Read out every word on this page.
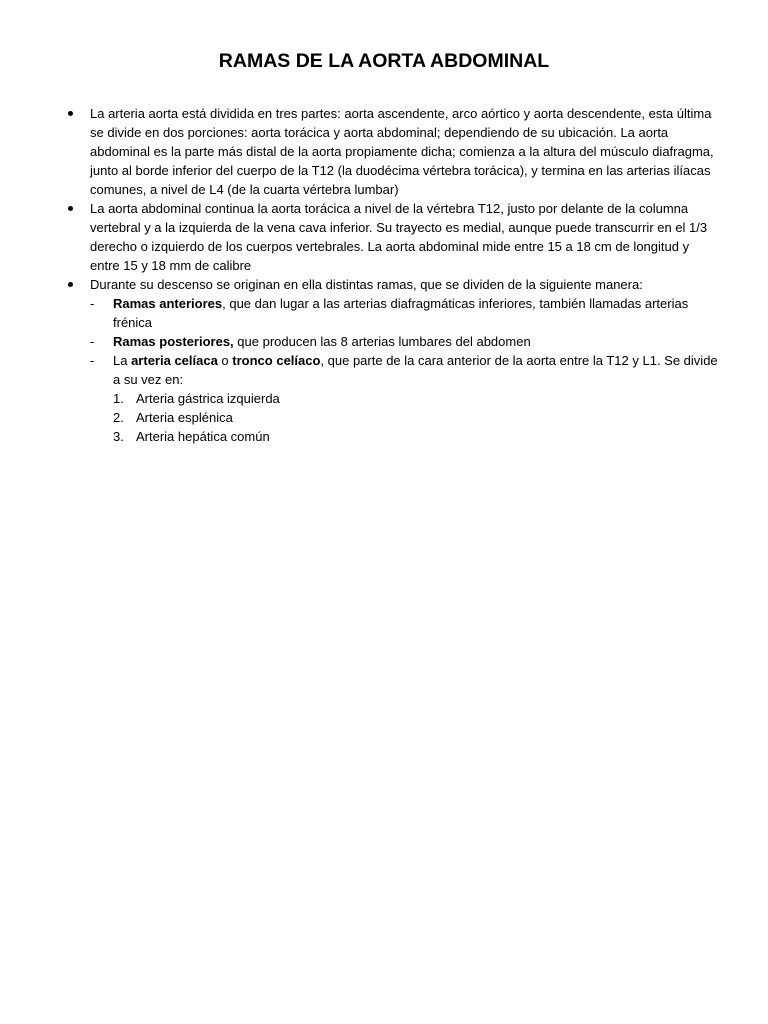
RAMAS DE LA AORTA ABDOMINAL
La arteria aorta está dividida en tres partes: aorta ascendente, arco aórtico y aorta descendente, esta última se divide en dos porciones: aorta torácica y aorta abdominal; dependiendo de su ubicación. La aorta abdominal es la parte más distal de la aorta propiamente dicha; comienza a la altura del músculo diafragma, junto al borde inferior del cuerpo de la T12 (la duodécima vértebra torácica), y termina en las arterias ilíacas comunes, a nivel de L4 (de la cuarta vértebra lumbar)
La aorta abdominal continua la aorta torácica a nivel de la vértebra T12, justo por delante de la columna vertebral y a la izquierda de la vena cava inferior. Su trayecto es medial, aunque puede transcurrir en el 1/3 derecho o izquierdo de los cuerpos vertebrales. La aorta abdominal mide entre 15 a 18 cm de longitud y entre 15 y 18 mm de calibre
Durante su descenso se originan en ella distintas ramas, que se dividen de la siguiente manera:
- Ramas anteriores, que dan lugar a las arterias diafragmáticas inferiores, también llamadas arterias frénica
- Ramas posteriores, que producen las 8 arterias lumbares del abdomen
- La arteria celíaca o tronco celíaco, que parte de la cara anterior de la aorta entre la T12 y L1. Se divide a su vez en:
1. Arteria gástrica izquierda
2. Arteria esplénica
3. Arteria hepática común
